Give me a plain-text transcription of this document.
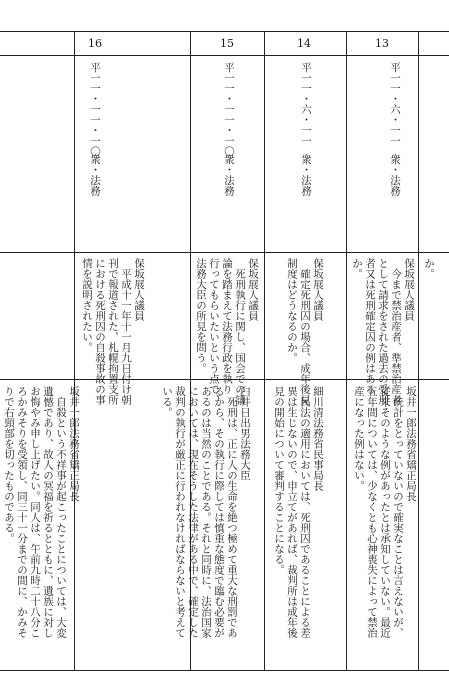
か。
13
平一一・六・一一
衆・法務
保坂展人議員
　今まで禁治産者、準禁治産者
として請求をされた過去の受刑
者又は死刑確定囚の例はある
か。
坂井一郎法務省矯正局長
　統計をとっていないので確実なことは言えないが、
従来そのような例があったとは承知していない。最近
五年間については、少なくとも心神喪失によって禁治
産になった例はない。
14
平一一・六・一一
衆・法務
保坂展人議員
　確定死刑囚の場合、成年後見
制度はどうなるのか。
細川清法務省民事局長
　民法の適用においては、死刑囚であることによる差
異は生じないので、申立てがあれば、裁判所は成年後
見の開始について審判することになる。
15
平一一・一一・一〇
衆・法務
保坂展人議員
　死刑執行に関し、国会での議
論を踏まえて法務行政を執り
行ってもらいたいという点で、
法務大臣の所見を問う。
臼井日出男法務大臣
　死刑は、正に人の生命を絶つ極めて重大な刑罰であ
るから、その執行に際しては慎重な態度で臨む必要が
あるのは当然のことである。それと同時に、法治国家
においては、現在そうした法律がある中で、確定した
裁判の執行が厳正に行われなければならないと考えて
いる。
16
平一一・一一・一〇
衆・法務
保坂展人議員
　平成十一年十一月九日付け朝
刊で報道された、札幌拘置支所
における死刑囚の自殺事故の事
情を説明されたい。
坂井一郎法務省矯正局長
　自殺という不祥事が起こったことについては、大変
遺憾であり、故人の冥福を祈るとともに、遺族に対し
お悔やみ申し上げたい。同人は、午前九時二十八分こ
ろかみそりを受領し、同三十一分までの間に、かみそ
りで右頸部を切ったものである。
